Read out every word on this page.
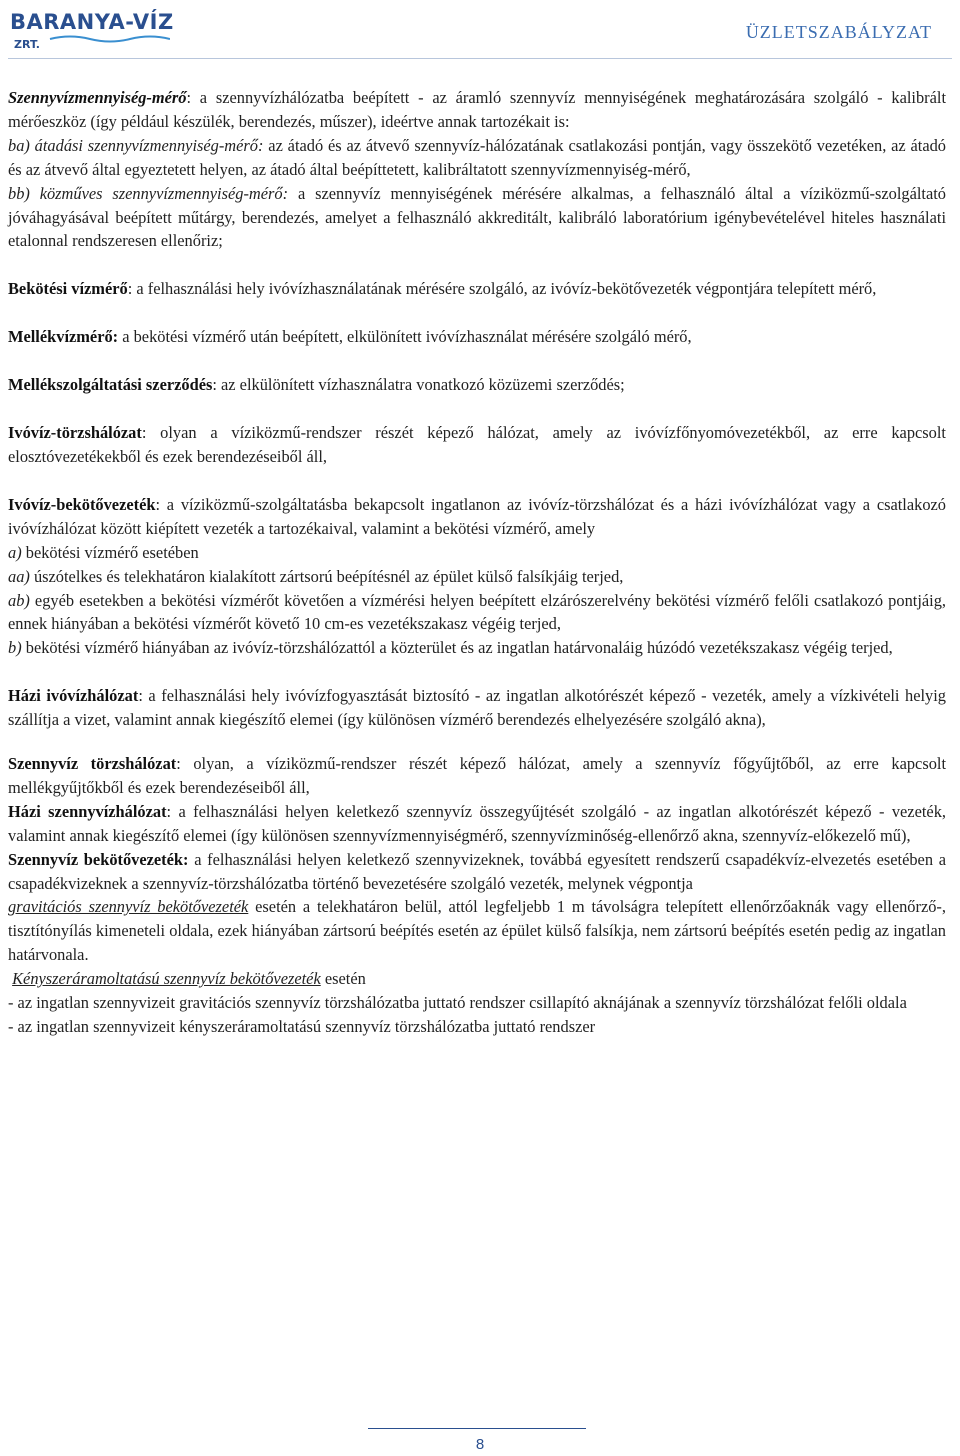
BARANYA-VÍZ
ZRT.
ÜZLETSZABÁLYZAT

Szennyvízmennyiség-mérő: a szennyvízhálózatba beépített - az áramló szennyvíz mennyiségének meghatározására szolgáló - kalibrált mérőeszköz (így például készülék, berendezés, műszer), ideértve annak tartozékait is:

ba) átadási szennyvízmennyiség-mérő: az átadó és az átvevő szennyvíz-hálózatának csatlakozási pontján, vagy összekötő vezetéken, az átadó és az átvevő által egyeztetett helyen, az átadó által beépíttetett, kalibráltatott szennyvízmennyiség-mérő,

bb) közműves szennyvízmennyiség-mérő: a szennyvíz mennyiségének mérésére alkalmas, a felhasználó által a víziközmű-szolgáltató jóváhagyásával beépített műtárgy, berendezés, amelyet a felhasználó akkreditált, kalibráló laboratórium igénybevételével hiteles használati etalonnal rendszeresen ellenőriz;

Bekötési vízmérő: a felhasználási hely ivóvízhasználatának mérésére szolgáló, az ivóvíz-bekötővezeték végpontjára telepített mérő,

Mellékvízmérő: a bekötési vízmérő után beépített, elkülönített ivóvízhasználat mérésére szolgáló mérő,

Mellékszolgáltatási szerződés: az elkülönített vízhasználatra vonatkozó közüzemi szerződés;

Ivóvíz-törzshálózat: olyan a víziközmű-rendszer részét képező hálózat, amely az ivóvízfőnyomóvezetékből, az erre kapcsolt elosztóvezetékekből és ezek berendezéseiből áll,

Ivóvíz-bekötővezeték: a víziközmű-szolgáltatásba bekapcsolt ingatlanon az ivóvíz-törzshálózat és a házi ivóvízhálózat vagy a csatlakozó ivóvízhálózat között kiépített vezeték a tartozékaival, valamint a bekötési vízmérő, amely

a) bekötési vízmérő esetében

aa) úszótelkes és telekhatáron kialakított zártsorú beépítésnél az épület külső falsíkjáig terjed,

ab) egyéb esetekben a bekötési vízmérőt követően a vízmérési helyen beépített elzárószerelvény bekötési vízmérő felőli csatlakozó pontjáig, ennek hiányában a bekötési vízmérőt követő 10 cm-es vezetékszakasz végéig terjed,

b) bekötési vízmérő hiányában az ivóvíz-törzshálózattól a közterület és az ingatlan határvonaláig húzódó vezetékszakasz végéig terjed,

Házi ivóvízhálózat: a felhasználási hely ivóvízfogyasztását biztosító - az ingatlan alkotórészét képező - vezeték, amely a vízkivételi helyig szállítja a vizet, valamint annak kiegészítő elemei (így különösen vízmérő berendezés elhelyezésére szolgáló akna),

Szennyvíz törzshálózat: olyan, a víziközmű-rendszer részét képező hálózat, amely a szennyvíz főgyűjtőből, az erre kapcsolt mellékgyűjtőkből és ezek berendezéseiből áll,

Házi szennyvízhálózat: a felhasználási helyen keletkező szennyvíz összegyűjtését szolgáló - az ingatlan alkotórészét képező - vezeték, valamint annak kiegészítő elemei (így különösen szennyvízmennyiségmérő, szennyvízminőség-ellenőrző akna, szennyvíz-előkezelő mű),

Szennyvíz bekötővezeték: a felhasználási helyen keletkező szennyvizeknek, továbbá egyesített rendszerű csapadékvíz-elvezetés esetében a csapadékvizeknek a szennyvíz-törzshálózatba történő bevezetésére szolgáló vezeték, melynek végpontja

gravitációs szennyvíz bekötővezeték esetén a telekhatáron belül, attól legfeljebb 1 m távolságra telepített ellenőrzőaknák vagy ellenőrző-, tisztítónyílás kimeneteli oldala, ezek hiányában zártsorú beépítés esetén az épület külső falsíkja, nem zártsorú beépítés esetén pedig az ingatlan határvonala.

Kényszeráramoltatású szennyvíz bekötővezeték esetén

- az ingatlan szennyvizeit gravitációs szennyvíz törzshálózatba juttató rendszer csillapító aknájának a szennyvíz törzshálózat felőli oldala

- az ingatlan szennyvizeit kényszeráramoltatású szennyvíz törzshálózatba juttató rendszer

8
